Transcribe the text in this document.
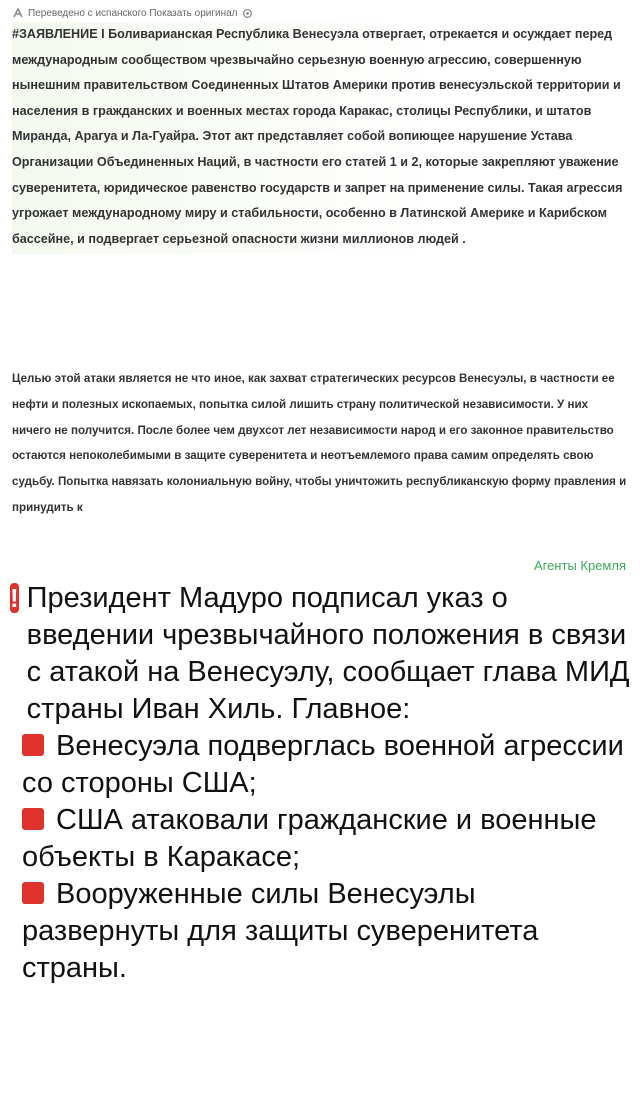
Переведено с испанского Показать оригинал

#ЗАЯВЛЕНИЕ I Боливарианская Республика Венесуэла отвергает, отрекается и осуждает перед международным сообществом чрезвычайно серьезную военную агрессию, совершенную нынешним правительством Соединенных Штатов Америки против венесуэльской территории и населения в гражданских и военных местах города Каракас, столицы Республики, и штатов Миранда, Арагуа и Ла-Гуайра. Этот акт представляет собой вопиющее нарушение Устава Организации Объединенных Наций, в частности его статей 1 и 2, которые закрепляют уважение суверенитета, юридическое равенство государств и запрет на применение силы. Такая агрессия угрожает международному миру и стабильности, особенно в Латинской Америке и Карибском бассейне, и подвергает серьезной опасности жизни миллионов людей .

Целью этой атаки является не что иное, как захват стратегических ресурсов Венесуэлы, в частности ее нефти и полезных ископаемых, попытка силой лишить страну политической независимости. У них ничего не получится. После более чем двухсот лет независимости народ и его законное правительство остаются непоколебимыми в защите суверенитета и неотъемлемого права самим определять свою судьбу. Попытка навязать колониальную войну, чтобы уничтожить республиканскую форму правления и принудить к

Агенты Кремля

! Президент Мадуро подписал указ о введении чрезвычайного положения в связи с атакой на Венесуэлу, сообщает глава МИД страны Иван Хиль. Главное:

Венесуэла подверглась военной агрессии со стороны США;

США атаковали гражданские и военные объекты в Каракасе;

Вооруженные силы Венесуэлы развернуты для защиты суверенитета страны.
